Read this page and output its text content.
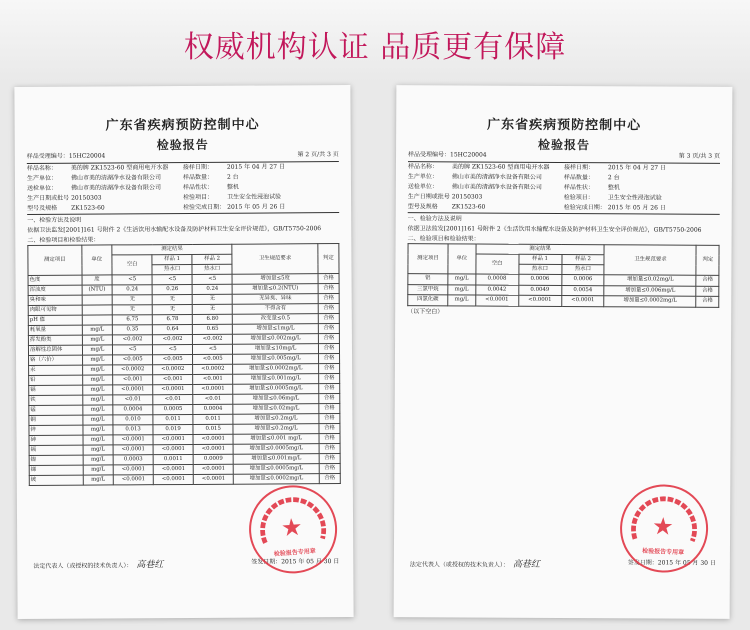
权威机构认证 品质更有保障
广东省疾病预防控制中心
检验报告
样品受理编号：15HC20004	第 2 页/共 3 页
样品名称：	美的牌 ZK1523-60 型商用电开水器
生产单位：	佛山市美的清湖净水设备有限公司
送检单位：	佛山市美的清湖净水设备有限公司
生产日期或批号 20150303
型号及规格	ZK1523-60
接样日期：	2015 年 04 月 27 日
样品数量：	2 台
样品性状：	整机
检验项目：	卫生安全性浸泡试验
检验完成日期： 2015 年 05 月 26 日
一、检验方法及说明
依据卫法监发[2001]161 号附件 2《生活饮用水输配水设备及防护材料卫生安全评价规范》，GB/T5750-2006
二、检验项目和检验结果：
测定项目	单位	测定结果			卫生规范要求	判定
		空白	样品 1	样品 2		
			热水口	热水口		
色度	度	<5	<5	<5	增加量≤5度	合格
浑浊度	(NTU)	0.24	0.26	0.24	增加量≤0.2(NTU)	合格
臭和味		无	无	无	无异臭、异味	合格
肉眼可见物		无	无	无	不得含有	合格
pH 值		6.75	6.78	6.80	改变量≤0.5	合格
耗氧量	mg/L	0.35	0.64	0.65	增加量≤1mg/L	合格
挥发酚类	mg/L	<0.002	<0.002	<0.002	增加量≤0.002mg/L	合格
溶解性总固体	mg/L	<5	<5	<5	增加量≤10mg/L	合格
铬（六价）	mg/L	<0.005	<0.005	<0.005	增加量≤0.005mg/L	合格
汞	mg/L	<0.0002	<0.0002	<0.0002	增加量≤0.0002mg/L	合格
铅	mg/L	<0.001	<0.001	<0.001	增加量≤0.001mg/L	合格
镉	mg/L	<0.0001	<0.0001	<0.0001	增加量≤0.0005mg/L	合格
铁	mg/L	<0.01	<0.01	<0.01	增加量≤0.06mg/L	合格
锰	mg/L	0.0004	0.0005	0.0004	增加量≤0.02mg/L	合格
铜	mg/L	0.010	0.011	0.011	增加量≤0.2mg/L	合格
锌	mg/L	0.013	0.019	0.015	增加量≤0.2mg/L	合格
砷	mg/L	<0.0001	<0.0001	<0.0001	增加量≤0.001 mg/L	合格
镉	mg/L	<0.0001	<0.0001	<0.0001	增加量≤0.0005mg/L	合格
镍	mg/L	0.0003	0.0011	0.0009	增加量≤0.001mg/L	合格
锑	mg/L	<0.0001	<0.0001	<0.0001	增加量≤0.0005mg/L	合格
铍	mg/L	<0.0001	<0.0001	<0.0001	增加量≤0.0002mg/L	合格
法定代表人（或授权的技术负责人）： 高巷红	签发日期：2015 年 05 月 30 日
★
检验报告专用章
广东省疾病预防控制中心
检验报告
样品受理编号：15HC20004	第 3 页/共 3 页
样品名称：	美的牌 ZK1523-60 型商用电开水器
生产单位：	佛山市美的清湖净水设备有限公司
送检单位：	佛山市美的清湖净水设备有限公司
生产日期或批号 20150303
型号及规格	ZK1523-60
接样日期：	2015 年 04 月 27 日
样品数量：	2 台
样品性状：	整机
检验项目：	卫生安全性浸泡试验
检验完成日期： 2015 年 05 月 26 日
一、检验方法及说明
依据卫法监发[2001]161 号附件 2《生活饮用水输配水设备及防护材料卫生安全评价规范》，GB/T5750-2006
二、检验项目和检验结果：
测定项目	单位	测定结果			卫生规范要求	判定
		空白	样品 1	样品 2		
			热水口	热水口		
铝	mg/L	0.0008	0.0006	0.0006	增加量≤0.02mg/L	合格
三氯甲烷	mg/L	0.0042	0.0049	0.0054	增加量≤0.006mg/L	合格
四氯化碳	mg/L	<0.0001	<0.0001	<0.0001	增加量≤0.0002mg/L	合格
（以下空白）
法定代表人（或授权的技术负责人）： 高巷红	签发日期：2015 年 05 月 30 日
★
检验报告专用章
